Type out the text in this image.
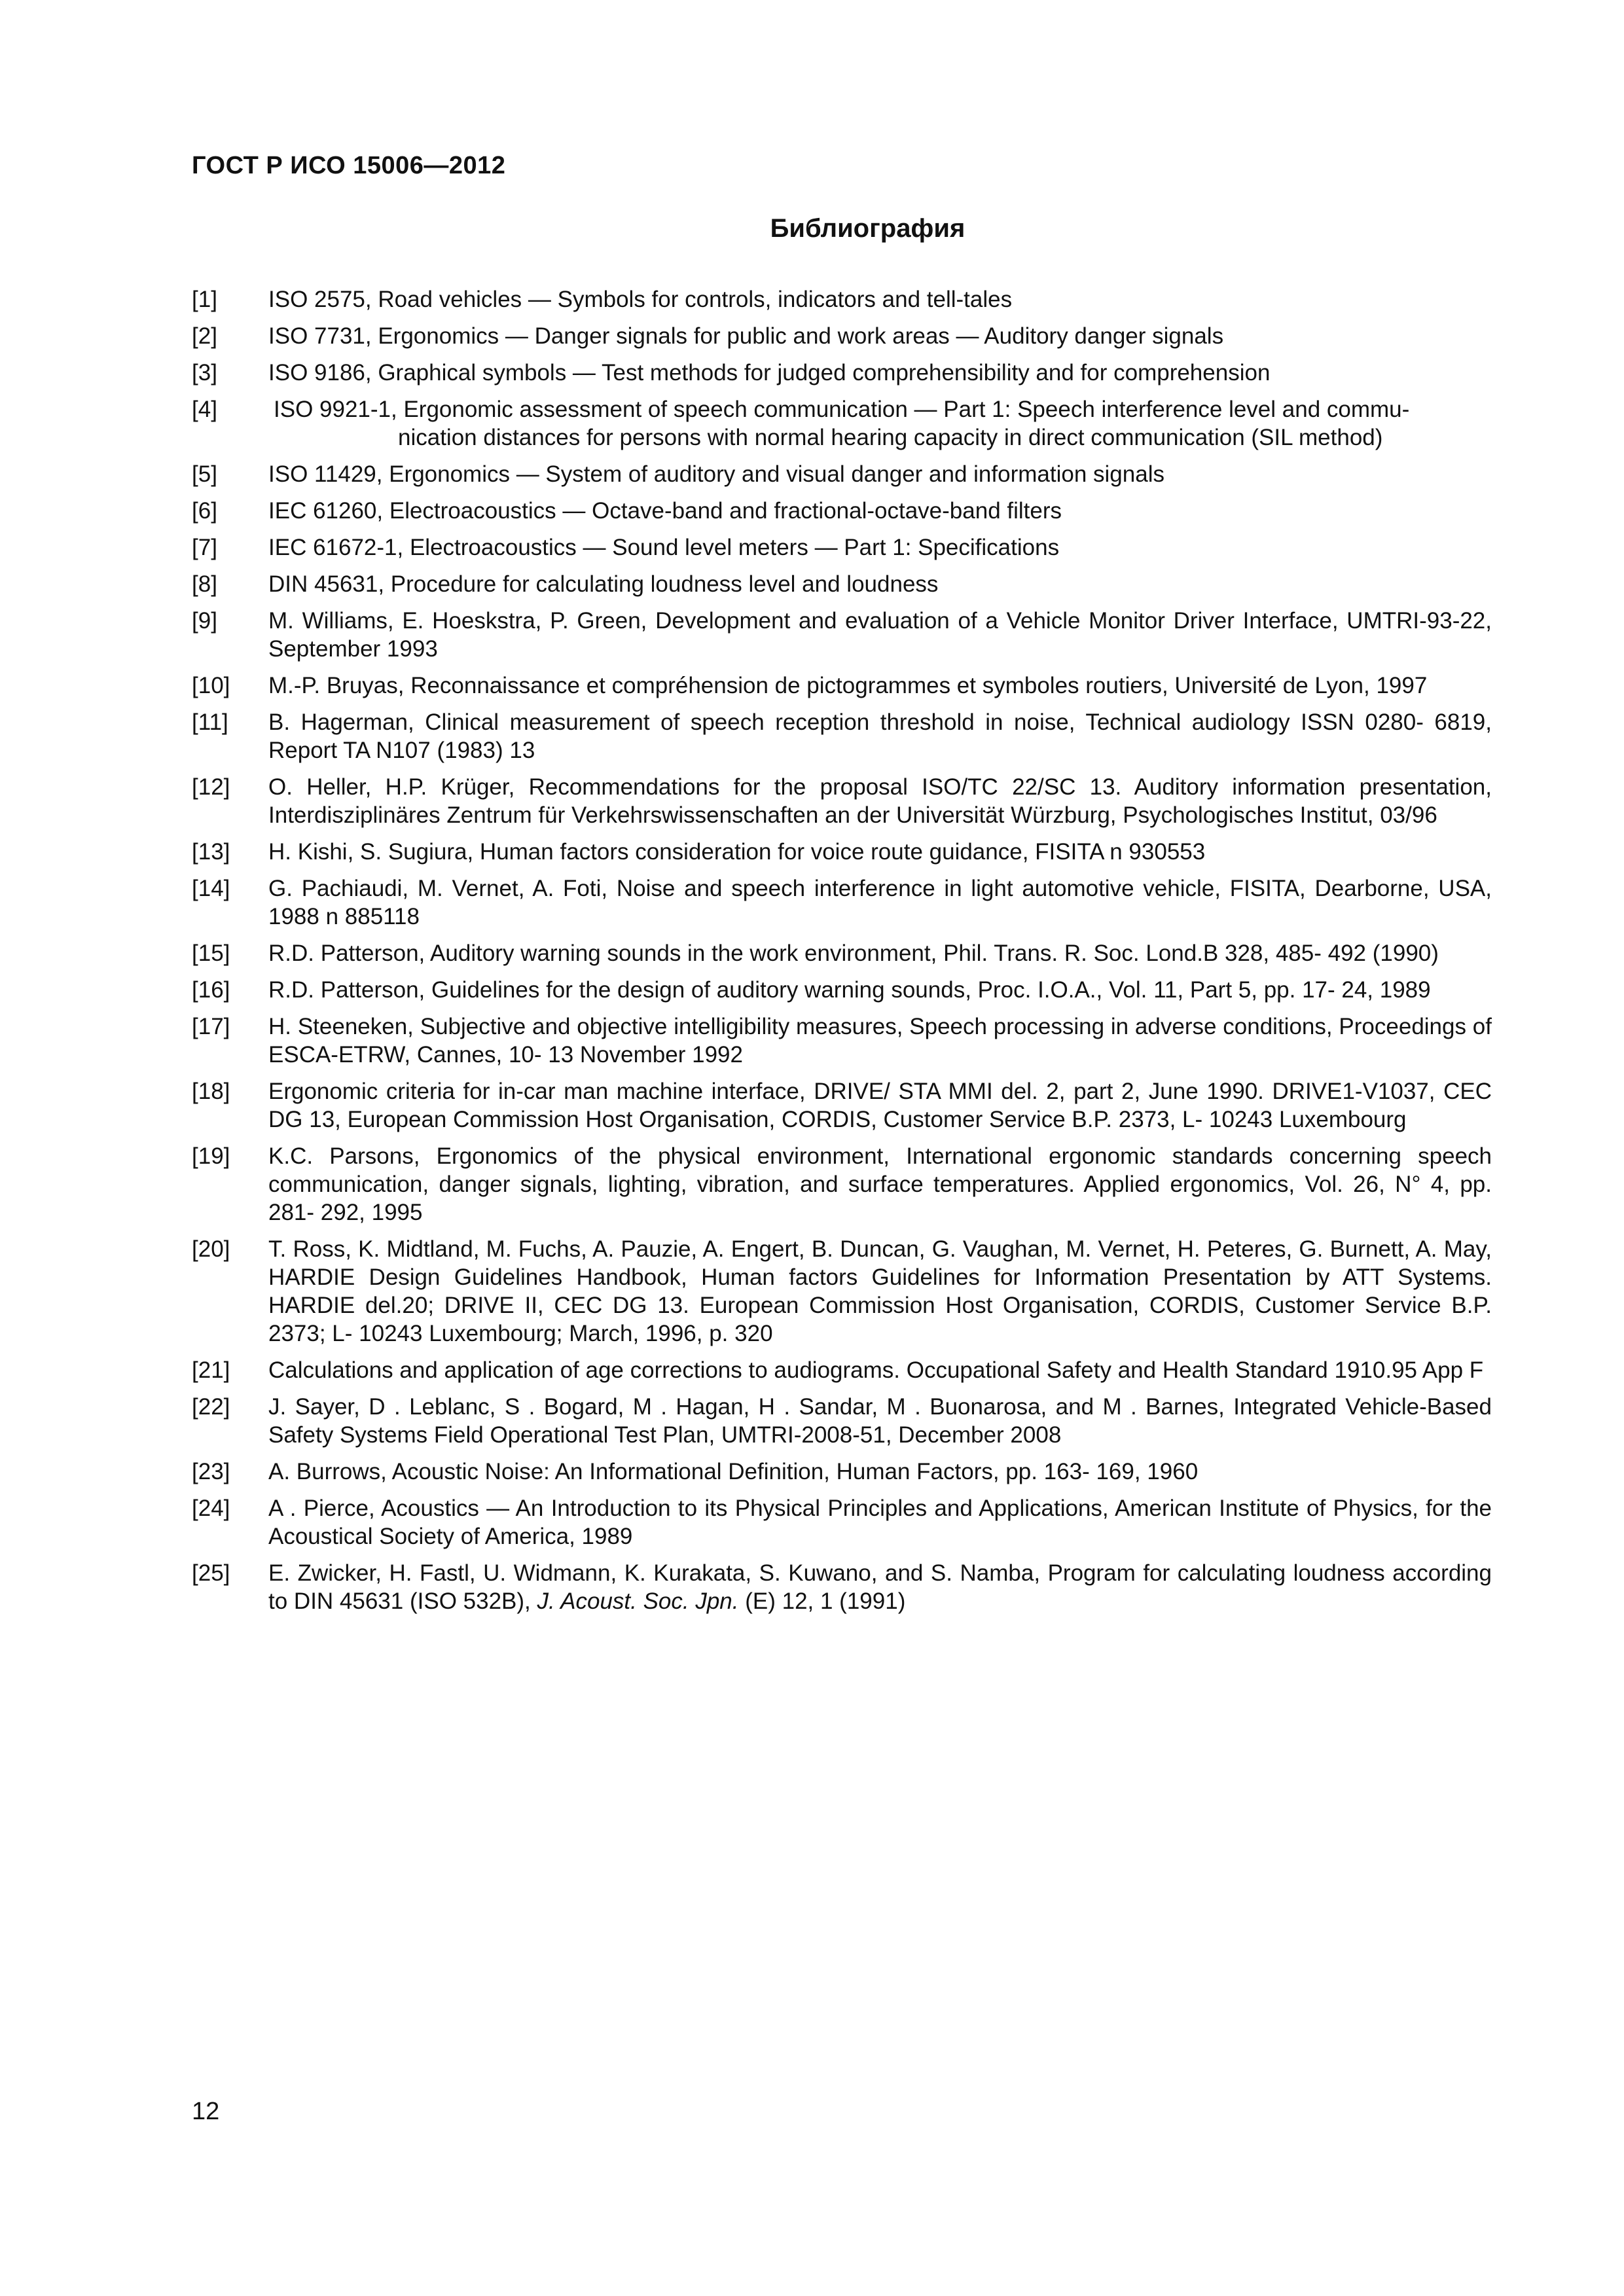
ГОСТ Р ИСО 15006—2012
Библиография
[1]	ISO 2575, Road vehicles — Symbols for controls, indicators and tell-tales
[2]	ISO 7731, Ergonomics — Danger signals for public and work areas — Auditory danger signals
[3]	ISO 9186, Graphical symbols — Test methods for judged comprehensibility and for comprehension
[4]	ISO 9921-1, Ergonomic assessment of speech communication — Part 1: Speech interference level and commu-
nication distances for persons with normal hearing capacity in direct communication (SIL method)
[5]	ISO 11429, Ergonomics — System of auditory and visual danger and information signals
[6]	IEC 61260, Electroacoustics — Octave-band and fractional-octave-band filters
[7]	IEC 61672-1, Electroacoustics — Sound level meters — Part 1: Specifications
[8]	DIN 45631, Procedure for calculating loudness level and loudness
[9]	M. Williams, E. Hoeskstra, P. Green, Development and evaluation of a Vehicle Monitor Driver Interface, UMTRI-93-22, September 1993
[10]	M.-P. Bruyas, Reconnaissance et compréhension de pictogrammes et symboles routiers, Université de Lyon, 1997
[11]	B. Hagerman, Clinical measurement of speech reception threshold in noise, Technical audiology ISSN 0280‐ 6819, Report TA N107 (1983) 13
[12]	O. Heller, H.P. Krüger, Recommendations for the proposal ISO/TC 22/SC 13. Auditory information presentation, Interdisziplinäres Zentrum für Verkehrswissenschaften an der Universität Würzburg, Psychologisches Institut, 03/96
[13]	H. Kishi, S. Sugiura, Human factors consideration for voice route guidance, FISITA n 930553
[14]	G. Pachiaudi, M. Vernet, A. Foti, Noise and speech interference in light automotive vehicle, FISITA, Dearborne, USA, 1988 n 885118
[15]	R.D. Patterson, Auditory warning sounds in the work environment, Phil. Trans. R. Soc. Lond.B 328, 485‐ 492 (1990)
[16]	R.D. Patterson, Guidelines for the design of auditory warning sounds, Proc. I.O.A., Vol. 11, Part 5, pp. 17‐ 24, 1989
[17]	H. Steeneken, Subjective and objective intelligibility measures, Speech processing in adverse conditions, Proceedings of ESCA-ETRW, Cannes, 10‐ 13 November 1992
[18]	Ergonomic criteria for in-car man machine interface, DRIVE/ STA MMI del. 2, part 2, June 1990. DRIVE1-V1037, CEC DG 13, European Commission Host Organisation, CORDIS, Customer Service B.P. 2373, L‐ 10243 Luxembourg
[19]	K.C. Parsons, Ergonomics of the physical environment, International ergonomic standards concerning speech communication, danger signals, lighting, vibration, and surface temperatures. Applied ergonomics, Vol. 26, N° 4, pp. 281‐ 292, 1995
[20]	T. Ross, K. Midtland, M. Fuchs, A. Pauzie, A. Engert, B. Duncan, G. Vaughan, M. Vernet, H. Peteres, G. Burnett, A. May, HARDIE Design Guidelines Handbook, Human factors Guidelines for Information Presentation by ATT Systems. HARDIE del.20; DRIVE II, CEC DG 13. European Commission Host Organisation, CORDIS, Customer Service B.P. 2373; L‐ 10243 Luxembourg; March, 1996, p. 320
[21]	Calculations and application of age corrections to audiograms. Occupational Safety and Health Standard 1910.95 App F
[22]	J. Sayer, D . Leblanc, S . Bogard, M . Hagan, H . Sandar, M . Buonarosa, and M . Barnes, Integrated Vehicle-Based Safety Systems Field Operational Test Plan, UMTRI-2008-51, December 2008
[23]	A. Burrows, Acoustic Noise: An Informational Definition, Human Factors, pp. 163‐ 169, 1960
[24]	A . Pierce, Acoustics — An Introduction to its Physical Principles and Applications, American Institute of Physics, for the Acoustical Society of America, 1989
[25]	E. Zwicker, H. Fastl, U. Widmann, K. Kurakata, S. Kuwano, and S. Namba, Program for calculating loudness according to DIN 45631 (ISO 532B), J. Acoust. Soc. Jpn. (E) 12, 1 (1991)
12
